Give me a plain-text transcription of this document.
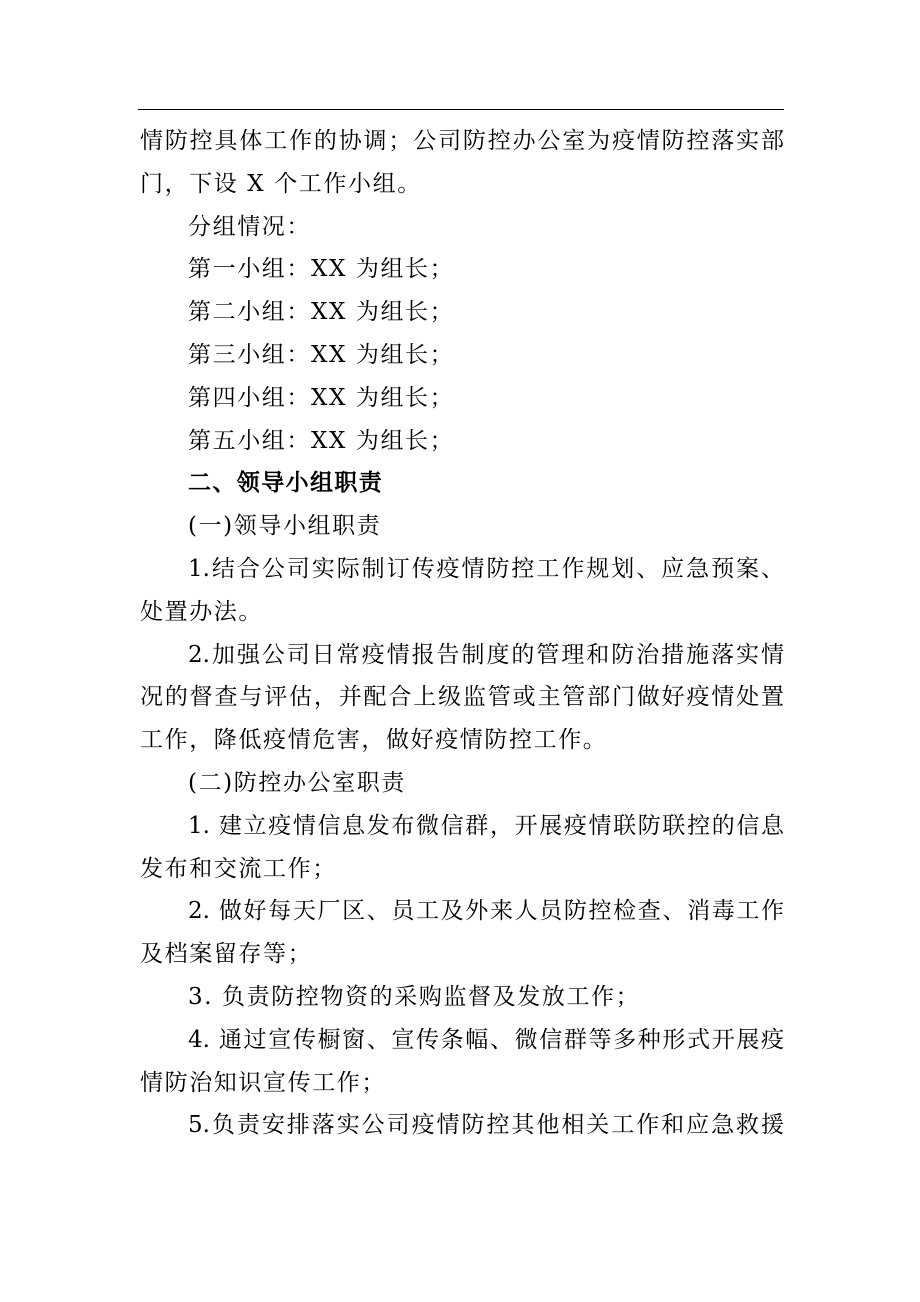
情防控具体工作的协调；公司防控办公室为疫情防控落实部
门，下设 X 个工作小组。
分组情况：
第一小组：XX 为组长；
第二小组：XX 为组长；
第三小组：XX 为组长；
第四小组：XX 为组长；
第五小组：XX 为组长；
二、领导小组职责
(一)领导小组职责
1.结合公司实际制订传疫情防控工作规划、应急预案、
处置办法。
2.加强公司日常疫情报告制度的管理和防治措施落实情
况的督查与评估，并配合上级监管或主管部门做好疫情处置
工作，降低疫情危害，做好疫情防控工作。
(二)防控办公室职责
1. 建立疫情信息发布微信群，开展疫情联防联控的信息
发布和交流工作；
2. 做好每天厂区、员工及外来人员防控检查、消毒工作
及档案留存等；
3. 负责防控物资的采购监督及发放工作；
4. 通过宣传橱窗、宣传条幅、微信群等多种形式开展疫
情防治知识宣传工作；
5.负责安排落实公司疫情防控其他相关工作和应急救援
